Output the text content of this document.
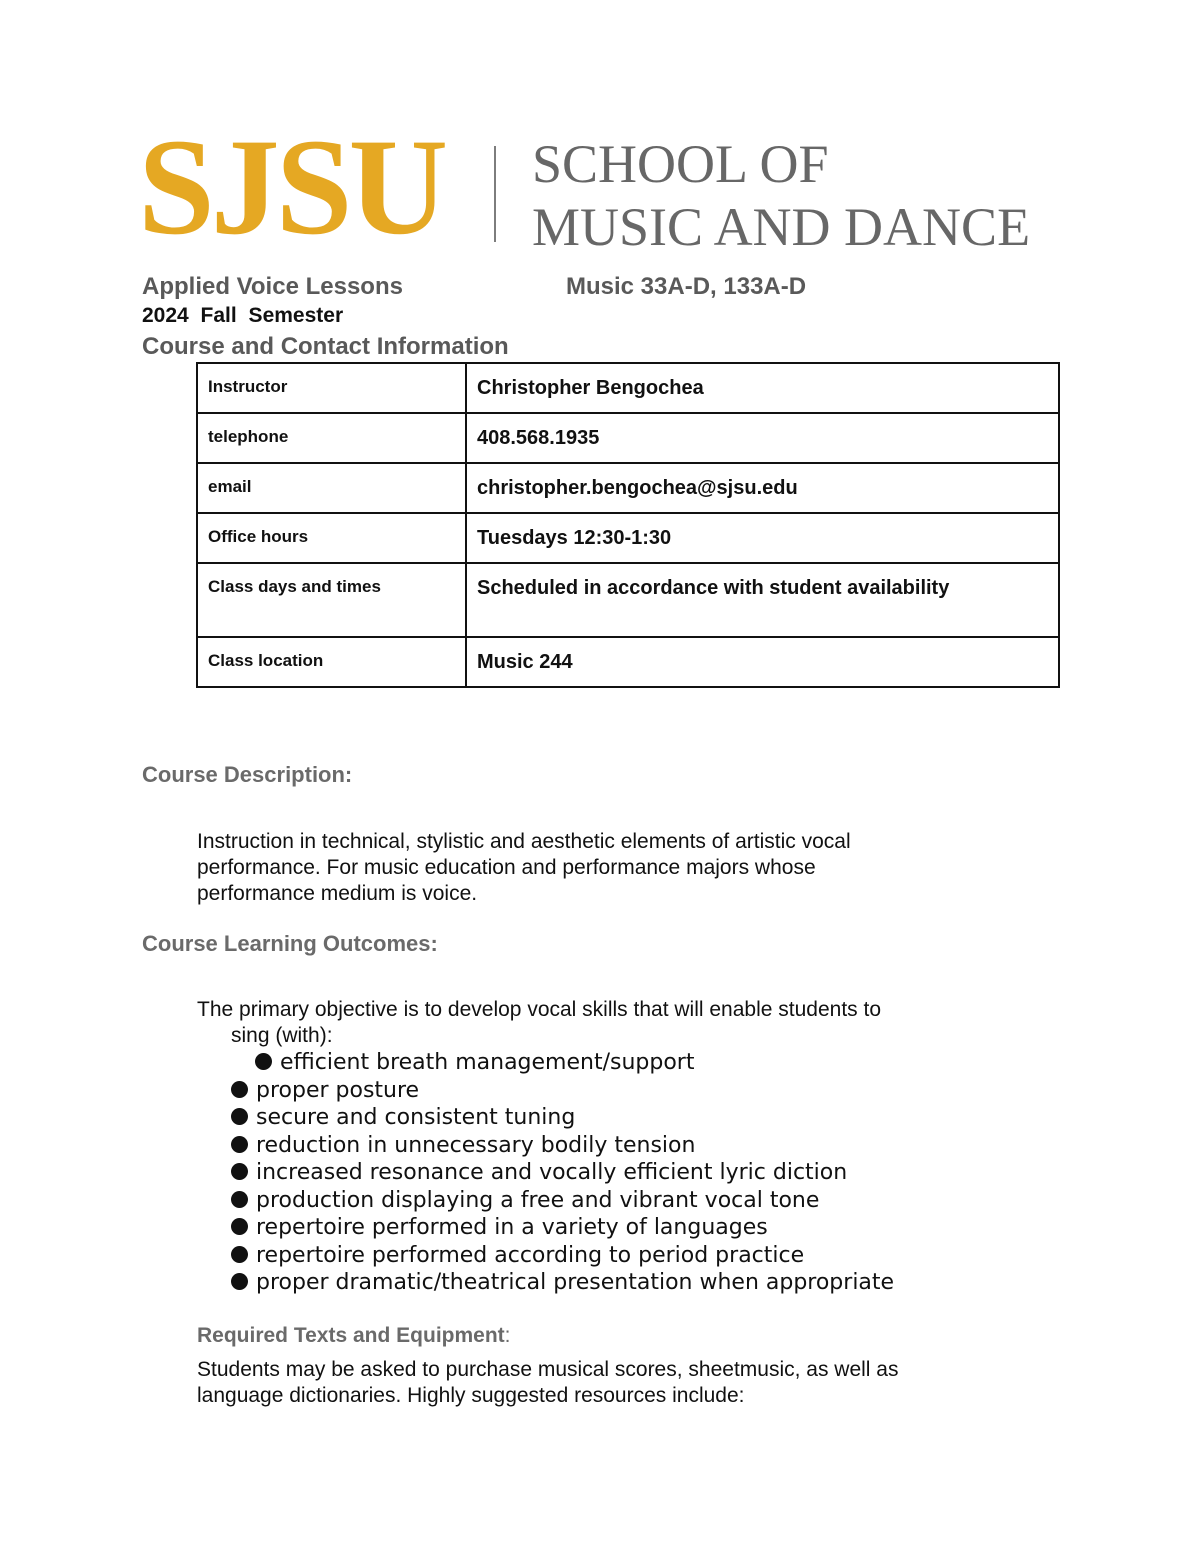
SJSU SCHOOL OF
MUSIC AND DANCE
Applied Voice Lessons	Music 33A-D, 133A-D
2024 Fall Semester
Course and Contact Information
Instructor	Christopher Bengochea
telephone	408.568.1935
email	christopher.bengochea@sjsu.edu
Office hours	Tuesdays 12:30-1:30
Class days and times	Scheduled in accordance with student availability
Class location	Music 244
Course Description:
Instruction in technical, stylistic and aesthetic elements of artistic vocal
performance. For music education and performance majors whose
performance medium is voice.
Course Learning Outcomes:
The primary objective is to develop vocal skills that will enable students to
sing (with):
efficient breath management/support
proper posture
secure and consistent tuning
reduction in unnecessary bodily tension
increased resonance and vocally efficient lyric diction
production displaying a free and vibrant vocal tone
repertoire performed in a variety of languages
repertoire performed according to period practice
proper dramatic/theatrical presentation when appropriate
Required Texts and Equipment:
Students may be asked to purchase musical scores, sheetmusic, as well as
language dictionaries. Highly suggested resources include:
